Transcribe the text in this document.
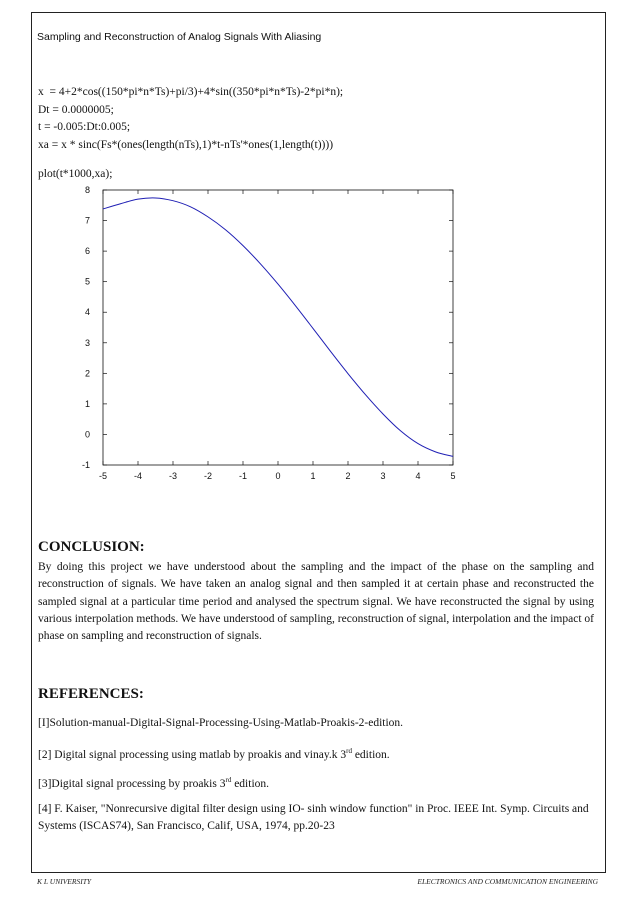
Sampling and Reconstruction of Analog Signals With Aliasing
x  = 4+2*cos((150*pi*n*Ts)+pi/3)+4*sin((350*pi*n*Ts)-2*pi*n);
Dt = 0.0000005;
t = -0.005:Dt:0.005;
xa = x * sinc(Fs*(ones(length(nTs),1)*t-nTs'*ones(1,length(t))))
plot(t*1000,xa);
-5	-4	-3	-2	-1	0	1	2	3	4	5
-1
0
1
2
3
4
5
6
7
8
CONCLUSION:
By doing this project we have understood about the sampling and the impact of the phase on the sampling and reconstruction of signals. We have taken an analog signal and then sampled it at certain phase and reconstructed the sampled signal at a particular time period and analysed the spectrum signal. We have reconstructed the signal by using various interpolation methods. We have understood of sampling, reconstruction of signal, interpolation and the impact of phase on sampling and reconstruction of signals.
REFERENCES:
[I]Solution-manual-Digital-Signal-Processing-Using-Matlab-Proakis-2-edition.
[2] Digital signal processing using matlab by proakis and vinay.k 3rd edition.
[3]Digital signal processing by proakis 3rd edition.
[4] F. Kaiser, "Nonrecursive digital filter design using IO- sinh window function" in Proc. IEEE Int. Symp. Circuits and Systems (ISCAS74), San Francisco, Calif, USA, 1974, pp.20-23
K L UNIVERSITY	ELECTRONICS AND COMMUNICATION ENGINEERING
